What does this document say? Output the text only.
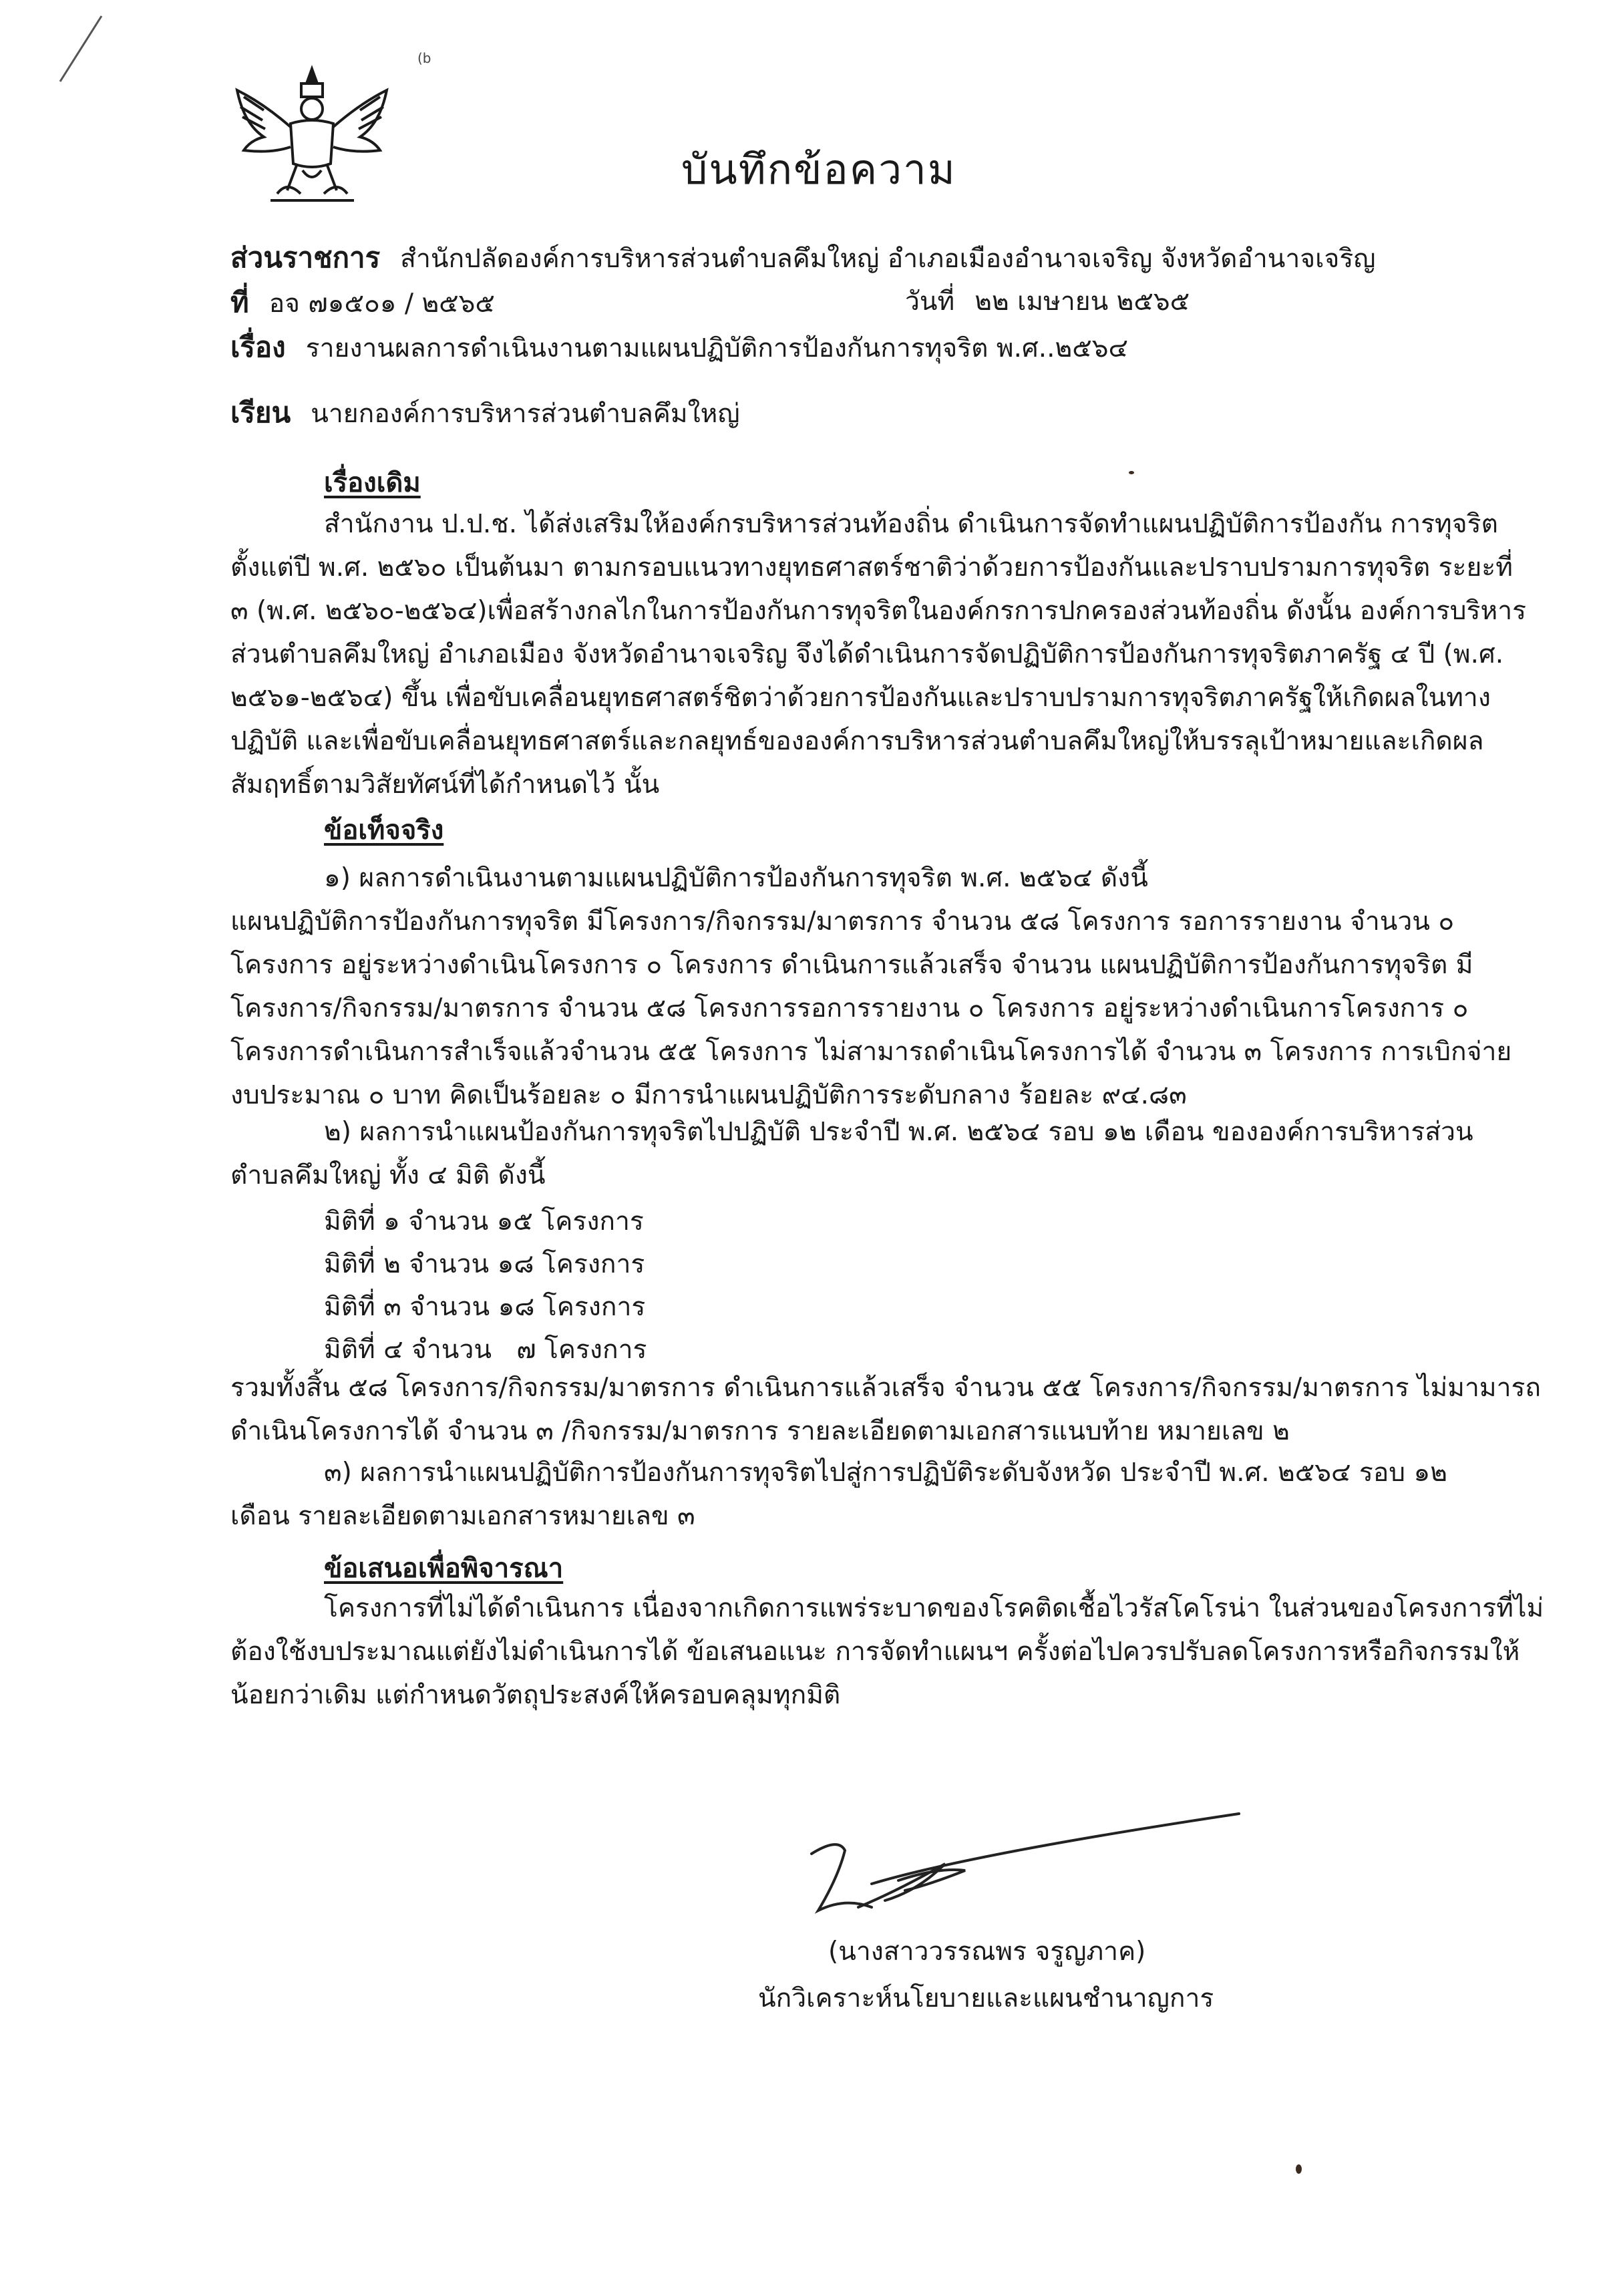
(b
บันทึกข้อความ
ส่วนราชการ สำนักปลัดองค์การบริหารส่วนตำบลคึมใหญ่ อำเภอเมืองอำนาจเจริญ จังหวัดอำนาจเจริญ
ที่ อจ ๗๑๕๐๑ / ๒๕๖๕	วันที่ ๒๒ เมษายน ๒๕๖๕
เรื่อง รายงานผลการดำเนินงานตามแผนปฏิบัติการป้องกันการทุจริต พ.ศ..๒๕๖๔
เรียน นายกองค์การบริหารส่วนตำบลคึมใหญ่
เรื่องเดิม
สำนักงาน ป.ป.ช. ได้ส่งเสริมให้องค์กรบริหารส่วนท้องถิ่น ดำเนินการจัดทำแผนปฏิบัติการป้องกัน การทุจริต
ตั้งแต่ปี พ.ศ. ๒๕๖๐ เป็นต้นมา ตามกรอบแนวทางยุทธศาสตร์ชาติว่าด้วยการป้องกันและปราบปรามการทุจริต ระยะที่
๓ (พ.ศ. ๒๕๖๐-๒๕๖๔)เพื่อสร้างกลไกในการป้องกันการทุจริตในองค์กรการปกครองส่วนท้องถิ่น ดังนั้น องค์การบริหาร
ส่วนตำบลคึมใหญ่ อำเภอเมือง จังหวัดอำนาจเจริญ จึงได้ดำเนินการจัดปฏิบัติการป้องกันการทุจริตภาครัฐ ๔ ปี (พ.ศ.
๒๕๖๑-๒๕๖๔) ขึ้น เพื่อขับเคลื่อนยุทธศาสตร์ชิตว่าด้วยการป้องกันและปราบปรามการทุจริตภาครัฐให้เกิดผลในทาง
ปฏิบัติ และเพื่อขับเคลื่อนยุทธศาสตร์และกลยุทธ์ขององค์การบริหารส่วนตำบลคึมใหญ่ให้บรรลุเป้าหมายและเกิดผล
สัมฤทธิ์ตามวิสัยทัศน์ที่ได้กำหนดไว้ นั้น
ข้อเท็จจริง
๑) ผลการดำเนินงานตามแผนปฏิบัติการป้องกันการทุจริต พ.ศ. ๒๕๖๔ ดังนี้
แผนปฏิบัติการป้องกันการทุจริต มีโครงการ/กิจกรรม/มาตรการ จำนวน ๕๘ โครงการ รอการรายงาน จำนวน ๐
โครงการ อยู่ระหว่างดำเนินโครงการ ๐ โครงการ ดำเนินการแล้วเสร็จ จำนวน แผนปฏิบัติการป้องกันการทุจริต มี
โครงการ/กิจกรรม/มาตรการ จำนวน ๕๘ โครงการรอการรายงาน ๐ โครงการ อยู่ระหว่างดำเนินการโครงการ ๐
โครงการดำเนินการสำเร็จแล้วจำนวน ๕๕ โครงการ ไม่สามารถดำเนินโครงการได้ จำนวน ๓ โครงการ การเบิกจ่าย
งบประมาณ ๐ บาท คิดเป็นร้อยละ ๐ มีการนำแผนปฏิบัติการระดับกลาง ร้อยละ ๙๔.๘๓
๒) ผลการนำแผนป้องกันการทุจริตไปปฏิบัติ ประจำปี พ.ศ. ๒๕๖๔ รอบ ๑๒ เดือน ขององค์การบริหารส่วน
ตำบลคึมใหญ่ ทั้ง ๔ มิติ ดังนี้
มิติที่ ๑ จำนวน ๑๕ โครงการ
มิติที่ ๒ จำนวน ๑๘ โครงการ
มิติที่ ๓ จำนวน ๑๘ โครงการ
มิติที่ ๔ จำนวน   ๗ โครงการ
รวมทั้งสิ้น ๕๘ โครงการ/กิจกรรม/มาตรการ ดำเนินการแล้วเสร็จ จำนวน ๕๕ โครงการ/กิจกรรม/มาตรการ ไม่มามารถ
ดำเนินโครงการได้ จำนวน ๓ /กิจกรรม/มาตรการ รายละเอียดตามเอกสารแนบท้าย หมายเลข ๒
๓) ผลการนำแผนปฏิบัติการป้องกันการทุจริตไปสู่การปฏิบัติระดับจังหวัด ประจำปี พ.ศ. ๒๕๖๔ รอบ ๑๒
เดือน รายละเอียดตามเอกสารหมายเลข ๓
ข้อเสนอเพื่อพิจารณา
โครงการที่ไม่ได้ดำเนินการ เนื่องจากเกิดการแพร่ระบาดของโรคติดเชื้อไวรัสโคโรน่า ในส่วนของโครงการที่ไม่
ต้องใช้งบประมาณแต่ยังไม่ดำเนินการได้ ข้อเสนอแนะ การจัดทำแผนฯ ครั้งต่อไปควรปรับลดโครงการหรือกิจกรรมให้
น้อยกว่าเดิม แต่กำหนดวัตถุประสงค์ให้ครอบคลุมทุกมิติ
(นางสาววรรณพร จรูญภาค)
นักวิเคราะห์นโยบายและแผนชำนาญการ
